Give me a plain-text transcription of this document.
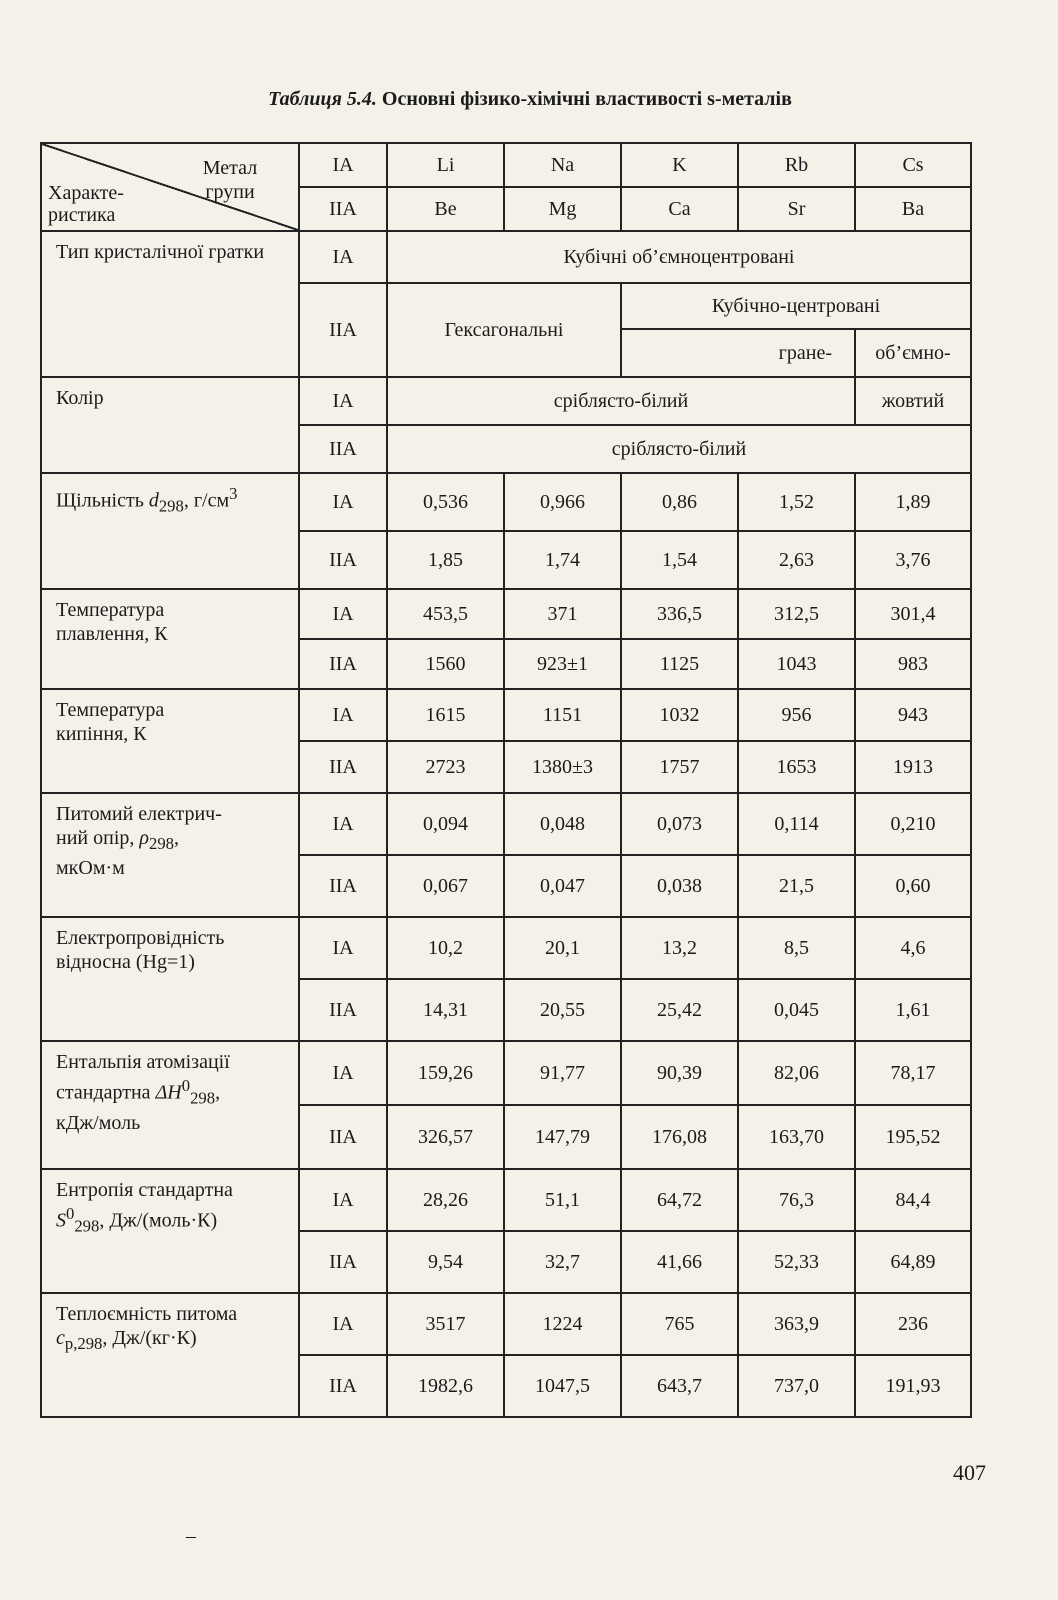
Таблиця 5.4. Основні фізико-хімічні властивості s-металів
Метал групи
Характе-ристика	IA	Li	Na	K	Rb	Cs
	IIA	Be	Mg	Ca	Sr	Ba
Тип кристалічної гратки	IA	Кубічні об’ємноцентровані				
	IIA	Гексагональні		Кубічно-центровані		
				гране-		об’ємно-
Колір	IA	сріблясто-білий				жовтий
	IIA	сріблясто-білий				
Щільність $d_{298}$, $г/см^3$	IA	0,536	0,966	0,86	1,52	1,89
	IIA	1,85	1,74	1,54	2,63	3,76

Температура
плавлення, К	IA	453,5	371	336,5	312,5	301,4
	IIA	1560	923±1	1125	1043	983

Температура
кипіння, К	IA	1615	1151	1032	956	943
	IIA	2723	1380±3	1757	1653	1913

Питомий електрич-
ний опір, $\rho_{298}$,
мкОм·м	IA	0,094	0,048	0,073	0,114	0,210
	IIA	0,067	0,047	0,038	21,5	0,60

Електропровідність
відносна (Hg=1)	IA	10,2	20,1	13,2	8,5	4,6
	IIA	14,31	20,55	25,42	0,045	1,61

Ентальпія атомізації
стандартна $\Delta H^0_{298}$,
кДж/моль	IA	159,26	91,77	90,39	82,06	78,17
	IIA	326,57	147,79	176,08	163,70	195,52

Ентропія стандартна
$S^0_{298}$, Дж/(моль·К)	IA	28,26	51,1	64,72	76,3	84,4
	IIA	9,54	32,7	41,66	52,33	64,89

Теплоємність питома
$c_{p,298}$, Дж/(кг·К)	IA	3517	1224	765	363,9	236
	IIA	1982,6	1047,5	643,7	737,0	191,93
407
–
